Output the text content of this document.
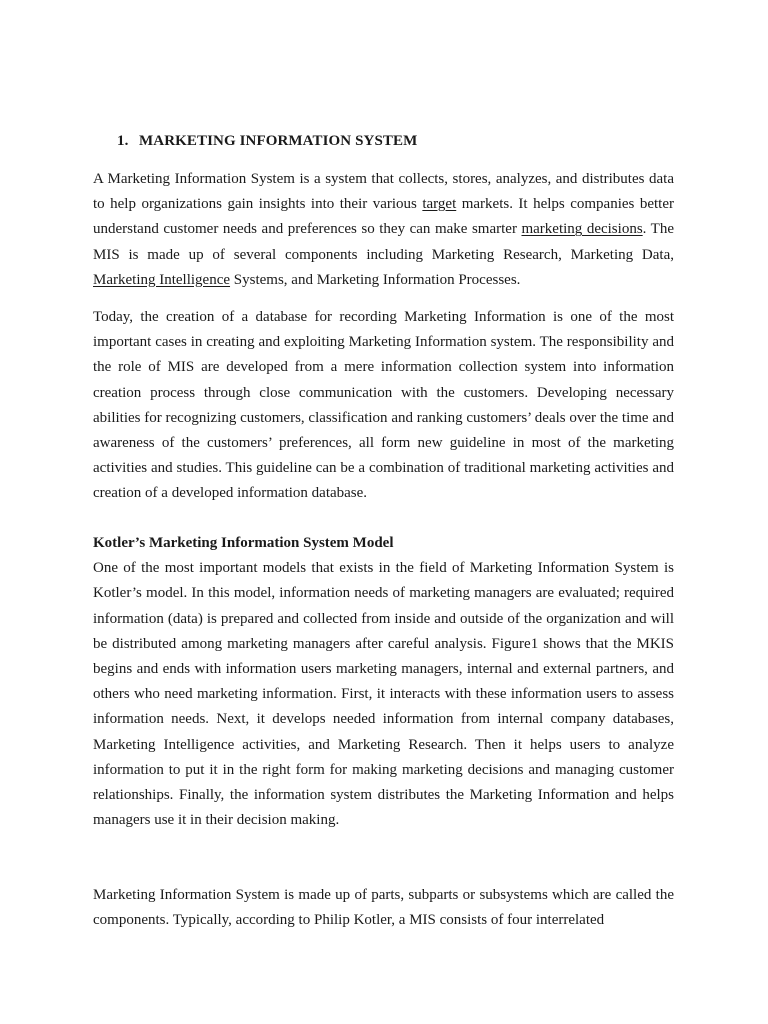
1. MARKETING INFORMATION SYSTEM

A Marketing Information System is a system that collects, stores, analyzes, and distributes data to help organizations gain insights into their various target markets. It helps companies better understand customer needs and preferences so they can make smarter marketing decisions. The MIS is made up of several components including Marketing Research, Marketing Data, Marketing Intelligence Systems, and Marketing Information Processes.

Today, the creation of a database for recording Marketing Information is one of the most important cases in creating and exploiting Marketing Information system. The responsibility and the role of MIS are developed from a mere information collection system into information creation process through close communication with the customers. Developing necessary abilities for recognizing customers, classification and ranking customers’ deals over the time and awareness of the customers’ preferences, all form new guideline in most of the marketing activities and studies. This guideline can be a combination of traditional marketing activities and creation of a developed information database.

Kotler’s Marketing Information System Model

One of the most important models that exists in the field of Marketing Information System is Kotler’s model. In this model, information needs of marketing managers are evaluated; required information (data) is prepared and collected from inside and outside of the organization and will be distributed among marketing managers after careful analysis. Figure1 shows that the MKIS begins and ends with information users marketing managers, internal and external partners, and others who need marketing information. First, it interacts with these information users to assess information needs. Next, it develops needed information from internal company databases, Marketing Intelligence activities, and Marketing Research. Then it helps users to analyze information to put it in the right form for making marketing decisions and managing customer relationships. Finally, the information system distributes the Marketing Information and helps managers use it in their decision making.

Marketing Information System is made up of parts, subparts or subsystems which are called the components. Typically, according to Philip Kotler, a MIS consists of four interrelated
